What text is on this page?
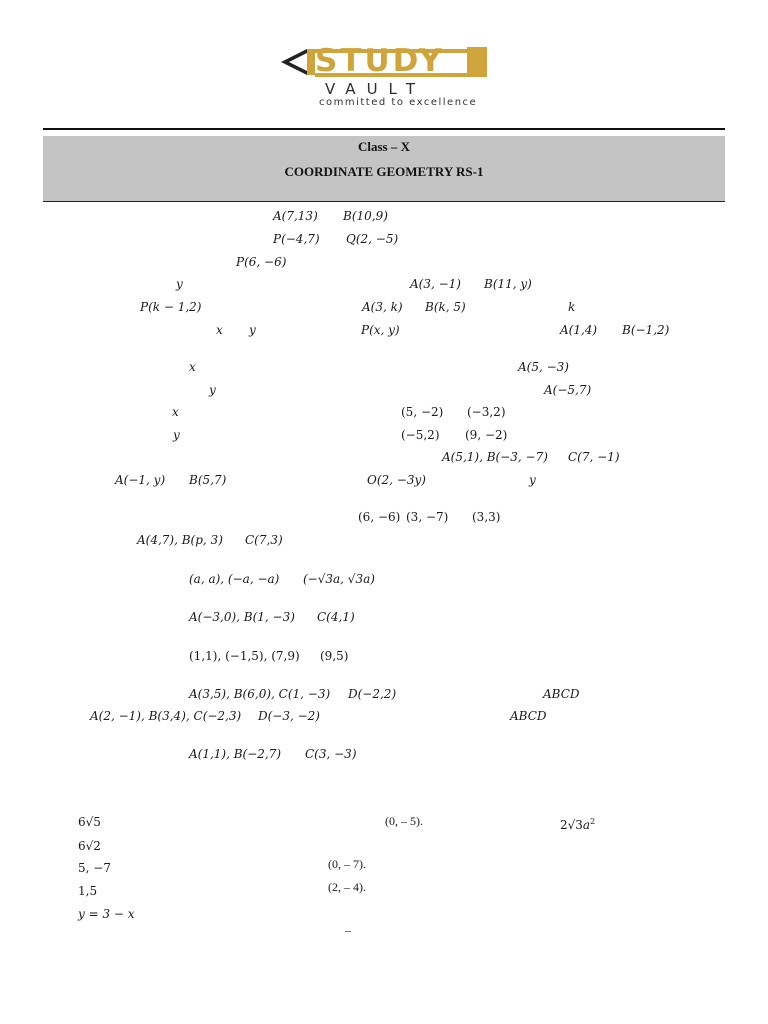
STUDY
VAULT
committed to excellence
Class – X
COORDINATE GEOMETRY RS-1
A(7,13) B(10,9)
P(−4,7) Q(2, −5)
P(6, −6)
y	A(3, −1) B(11, y)
P(k − 1,2)	A(3, k) B(k, 5)	k
x y	P(x, y)	A(1,4) B(−1,2)
x	A(5, −3)
y	A(−5,7)
x	(5, −2) (−3,2)
y	(−5,2) (9, −2)
A(5,1), B(−3, −7) C(7, −1)
A(−1, y) B(5,7)	O(2, −3y)	y
(6, −6) (3, −7) (3,3)
A(4,7), B(p, 3) C(7,3)
(a, a), (−a, −a) (−√3a, √3a)
A(−3,0), B(1, −3) C(4,1)
(1,1), (−1,5), (7,9) (9,5)
A(3,5), B(6,0), C(1, −3) D(−2,2)	ABCD
A(2, −1), B(3,4), C(−2,3) D(−3, −2)	ABCD
A(1,1), B(−2,7) C(3, −3)
6√5
6√2
5, −7
1,5
y = 3 − x
(0, – 5).
(0, – 7).
(2, – 4).
–
$2√3a^2$
